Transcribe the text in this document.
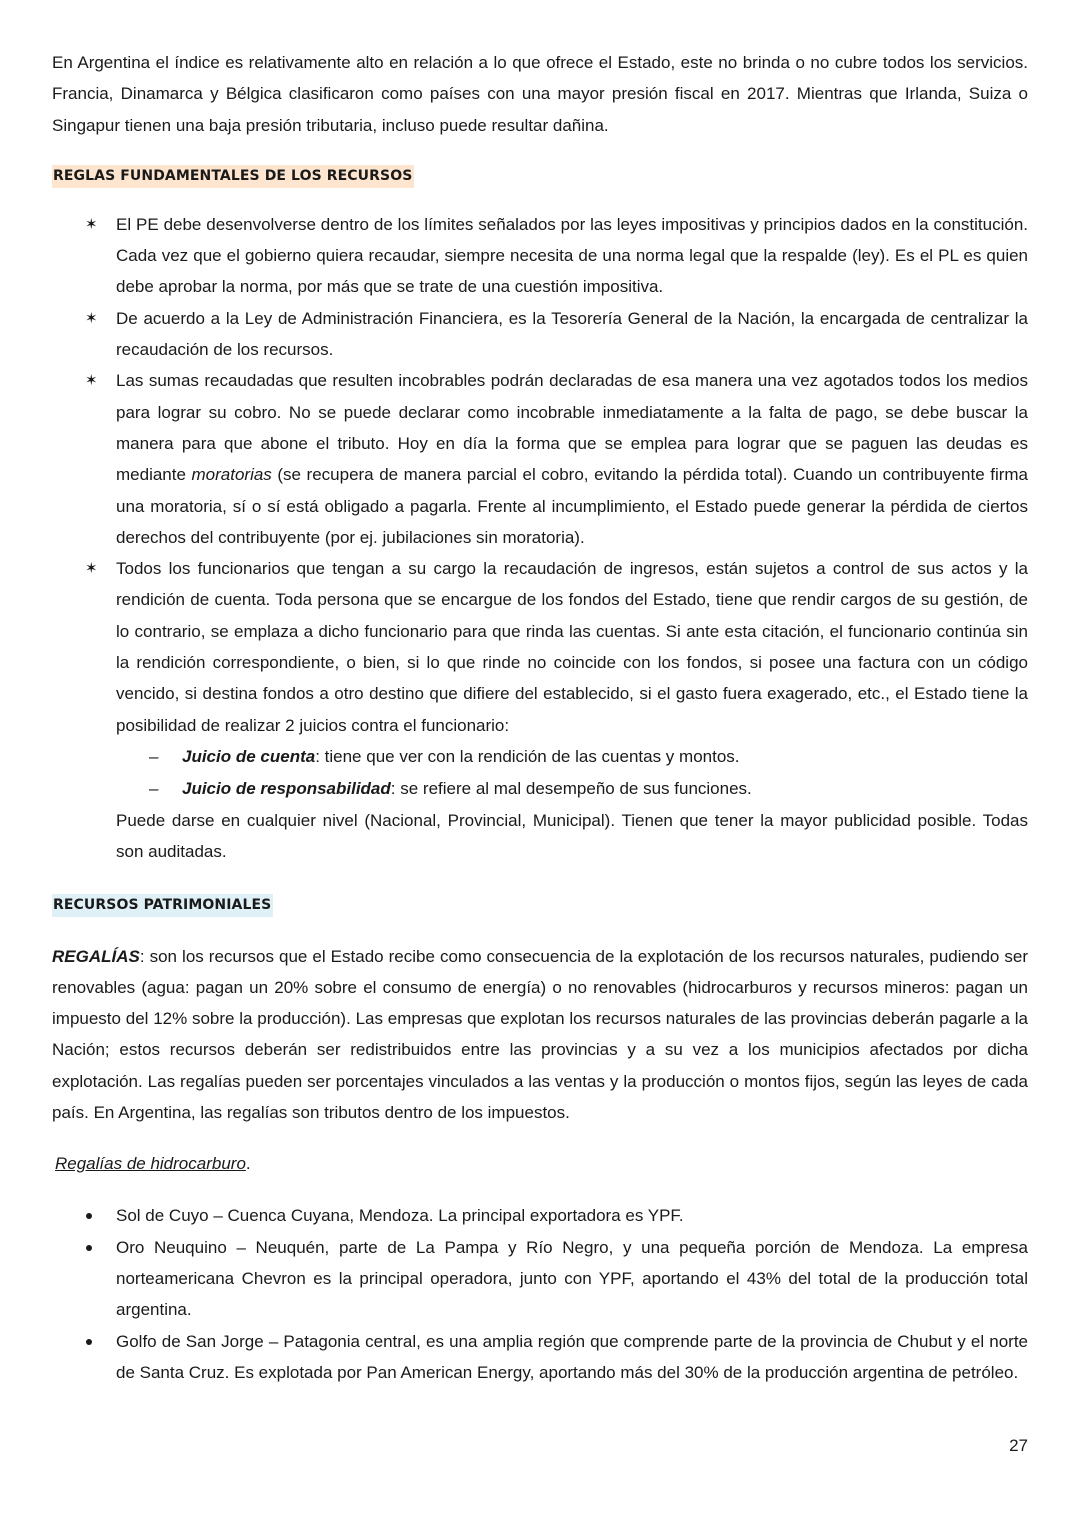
En Argentina el índice es relativamente alto en relación a lo que ofrece el Estado, este no brinda o no cubre todos los servicios. Francia, Dinamarca y Bélgica clasificaron como países con una mayor presión fiscal en 2017. Mientras que Irlanda, Suiza o Singapur tienen una baja presión tributaria, incluso puede resultar dañina.

REGLAS FUNDAMENTALES DE LOS RECURSOS
✶ El PE debe desenvolverse dentro de los límites señalados por las leyes impositivas y principios dados en la constitución. Cada vez que el gobierno quiera recaudar, siempre necesita de una norma legal que la respalde (ley). Es el PL es quien debe aprobar la norma, por más que se trate de una cuestión impositiva.
✶ De acuerdo a la Ley de Administración Financiera, es la Tesorería General de la Nación, la encargada de centralizar la recaudación de los recursos.
✶ Las sumas recaudadas que resulten incobrables podrán declaradas de esa manera una vez agotados todos los medios para lograr su cobro. No se puede declarar como incobrable inmediatamente a la falta de pago, se debe buscar la manera para que abone el tributo. Hoy en día la forma que se emplea para lograr que se paguen las deudas es mediante moratorias (se recupera de manera parcial el cobro, evitando la pérdida total). Cuando un contribuyente firma una moratoria, sí o sí está obligado a pagarla. Frente al incumplimiento, el Estado puede generar la pérdida de ciertos derechos del contribuyente (por ej. jubilaciones sin moratoria).
✶ Todos los funcionarios que tengan a su cargo la recaudación de ingresos, están sujetos a control de sus actos y la rendición de cuenta. Toda persona que se encargue de los fondos del Estado, tiene que rendir cargos de su gestión, de lo contrario, se emplaza a dicho funcionario para que rinda las cuentas. Si ante esta citación, el funcionario continúa sin la rendición correspondiente, o bien, si lo que rinde no coincide con los fondos, si posee una factura con un código vencido, si destina fondos a otro destino que difiere del establecido, si el gasto fuera exagerado, etc., el Estado tiene la posibilidad de realizar 2 juicios contra el funcionario:
– Juicio de cuenta: tiene que ver con la rendición de las cuentas y montos.
– Juicio de responsabilidad: se refiere al mal desempeño de sus funciones.

Puede darse en cualquier nivel (Nacional, Provincial, Municipal). Tienen que tener la mayor publicidad posible. Todas son auditadas.

RECURSOS PATRIMONIALES

REGALÍAS: son los recursos que el Estado recibe como consecuencia de la explotación de los recursos naturales, pudiendo ser renovables (agua: pagan un 20% sobre el consumo de energía) o no renovables (hidrocarburos y recursos mineros: pagan un impuesto del 12% sobre la producción). Las empresas que explotan los recursos naturales de las provincias deberán pagarle a la Nación; estos recursos deberán ser redistribuidos entre las provincias y a su vez a los municipios afectados por dicha explotación. Las regalías pueden ser porcentajes vinculados a las ventas y la producción o montos fijos, según las leyes de cada país. En Argentina, las regalías son tributos dentro de los impuestos.

Regalías de hidrocarburo.
Sol de Cuyo – Cuenca Cuyana, Mendoza. La principal exportadora es YPF.
Oro Neuquino – Neuquén, parte de La Pampa y Río Negro, y una pequeña porción de Mendoza. La empresa norteamericana Chevron es la principal operadora, junto con YPF, aportando el 43% del total de la producción total argentina.
Golfo de San Jorge – Patagonia central, es una amplia región que comprende parte de la provincia de Chubut y el norte de Santa Cruz. Es explotada por Pan American Energy, aportando más del 30% de la producción argentina de petróleo.
27
